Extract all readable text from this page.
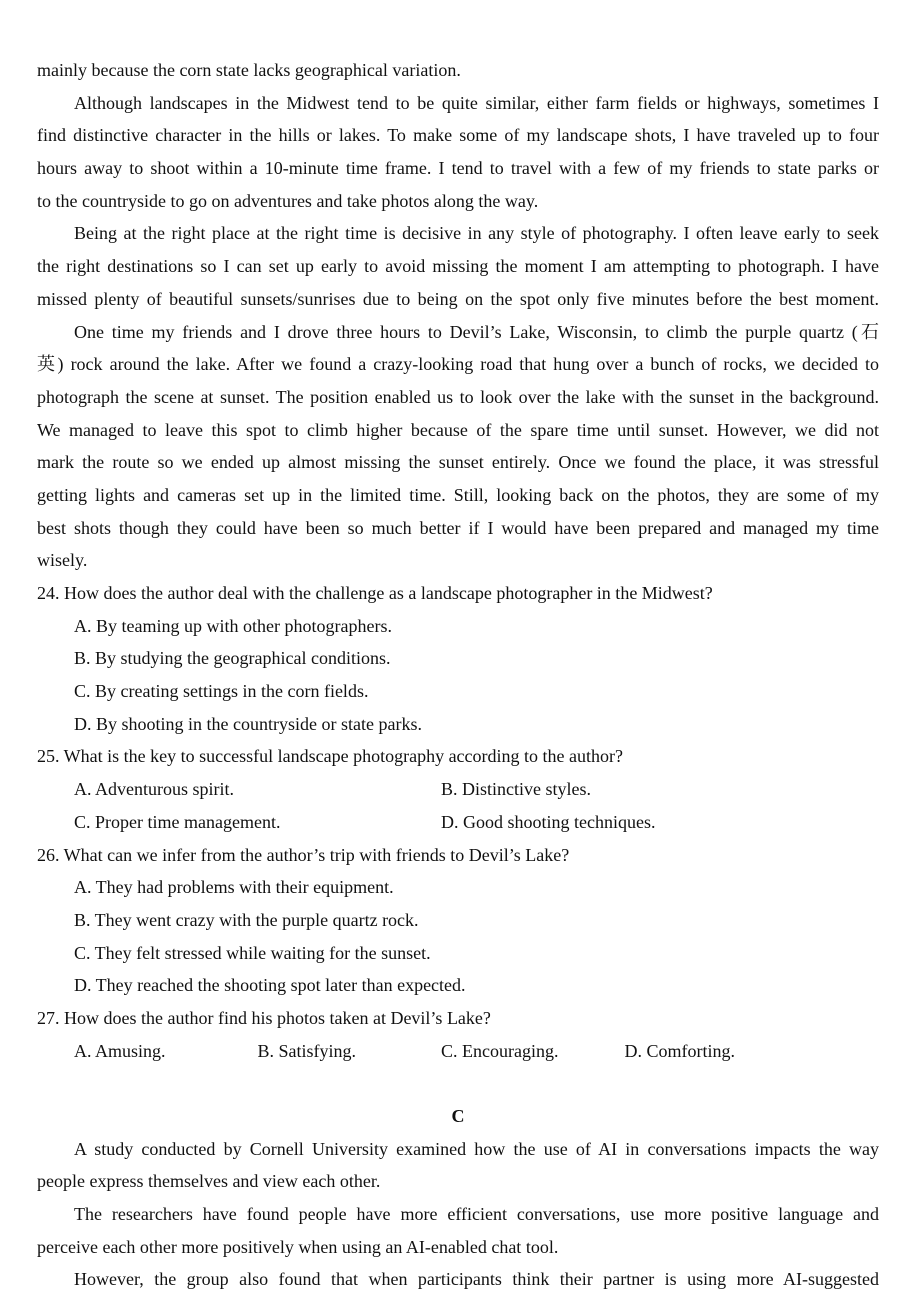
mainly because the corn state lacks geographical variation.
Although landscapes in the Midwest tend to be quite similar, either farm fields or highways, sometimes I
find distinctive character in the hills or lakes. To make some of my landscape shots, I have traveled up to four
hours away to shoot within a 10-minute time frame. I tend to travel with a few of my friends to state parks or
to the countryside to go on adventures and take photos along the way.
Being at the right place at the right time is decisive in any style of photography. I often leave early to seek
the right destinations so I can set up early to avoid missing the moment I am attempting to photograph. I have
missed plenty of beautiful sunsets/sunrises due to being on the spot only five minutes before the best moment.
One time my friends and I drove three hours to Devil’s Lake, Wisconsin, to climb the purple quartz (石
英) rock around the lake. After we found a crazy-looking road that hung over a bunch of rocks, we decided to
photograph the scene at sunset. The position enabled us to look over the lake with the sunset in the background.
We managed to leave this spot to climb higher because of the spare time until sunset. However, we did not
mark the route so we ended up almost missing the sunset entirely. Once we found the place, it was stressful
getting lights and cameras set up in the limited time. Still, looking back on the photos, they are some of my
best shots though they could have been so much better if I would have been prepared and managed my time
wisely.
24. How does the author deal with the challenge as a landscape photographer in the Midwest?
A. By teaming up with other photographers.
B. By studying the geographical conditions.
C. By creating settings in the corn fields.
D. By shooting in the countryside or state parks.
25. What is the key to successful landscape photography according to the author?
A. Adventurous spirit.	B. Distinctive styles.
C. Proper time management.	D. Good shooting techniques.
26. What can we infer from the author’s trip with friends to Devil’s Lake?
A. They had problems with their equipment.
B. They went crazy with the purple quartz rock.
C. They felt stressed while waiting for the sunset.
D. They reached the shooting spot later than expected.
27. How does the author find his photos taken at Devil’s Lake?
A. Amusing.	B. Satisfying.	C. Encouraging.	D. Comforting.
C
A study conducted by Cornell University examined how the use of AI in conversations impacts the way
people express themselves and view each other.
The researchers have found people have more efficient conversations, use more positive language and
perceive each other more positively when using an AI-enabled chat tool.
However, the group also found that when participants think their partner is using more AI-suggested
